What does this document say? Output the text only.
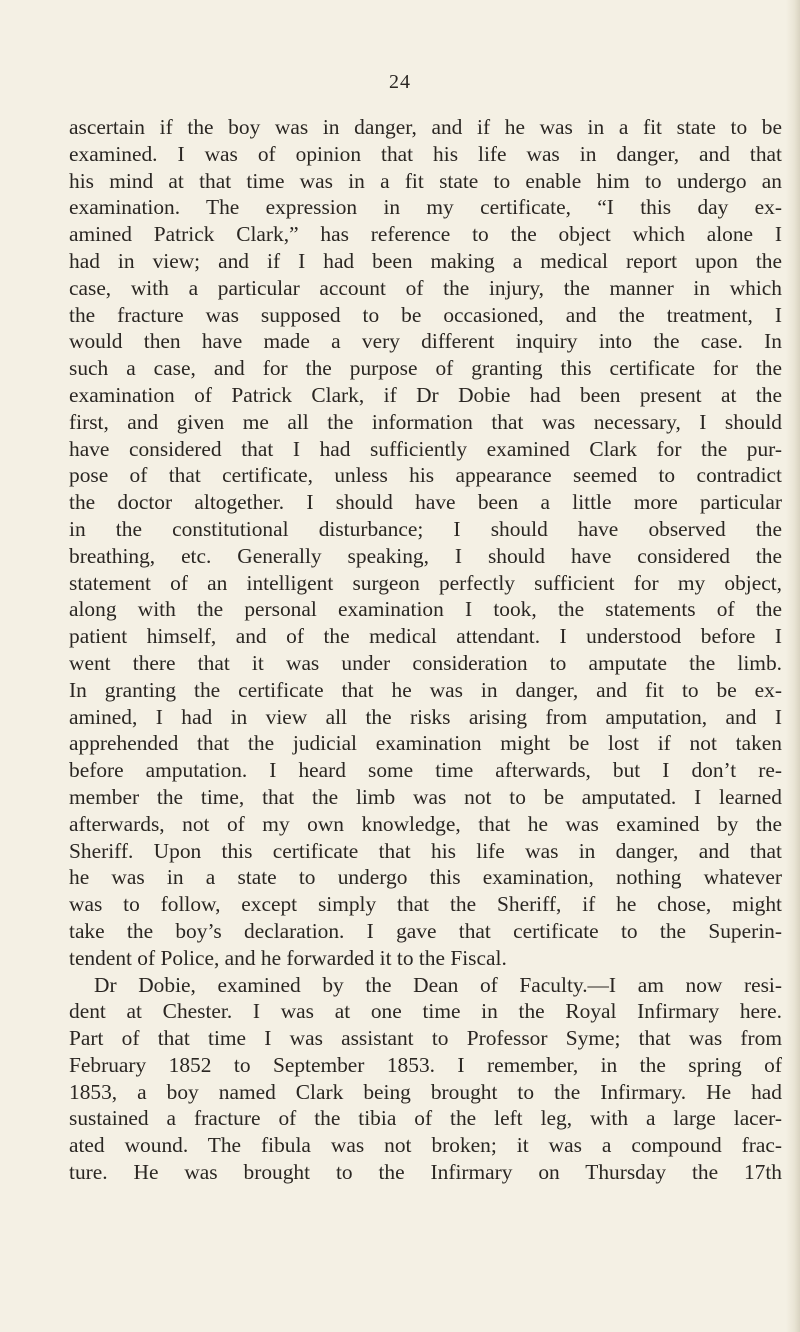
24
ascertain if the boy was in danger, and if he was in a fit state to be
examined. I was of opinion that his life was in danger, and that
his mind at that time was in a fit state to enable him to undergo an
examination. The expression in my certificate, “I this day ex-
amined Patrick Clark,” has reference to the object which alone I
had in view; and if I had been making a medical report upon the
case, with a particular account of the injury, the manner in which
the fracture was supposed to be occasioned, and the treatment, I
would then have made a very different inquiry into the case. In
such a case, and for the purpose of granting this certificate for the
examination of Patrick Clark, if Dr Dobie had been present at the
first, and given me all the information that was necessary, I should
have considered that I had sufficiently examined Clark for the pur-
pose of that certificate, unless his appearance seemed to contradict
the doctor altogether. I should have been a little more particular
in the constitutional disturbance; I should have observed the
breathing, etc. Generally speaking, I should have considered the
statement of an intelligent surgeon perfectly sufficient for my object,
along with the personal examination I took, the statements of the
patient himself, and of the medical attendant. I understood before I
went there that it was under consideration to amputate the limb.
In granting the certificate that he was in danger, and fit to be ex-
amined, I had in view all the risks arising from amputation, and I
apprehended that the judicial examination might be lost if not taken
before amputation. I heard some time afterwards, but I don’t re-
member the time, that the limb was not to be amputated. I learned
afterwards, not of my own knowledge, that he was examined by the
Sheriff. Upon this certificate that his life was in danger, and that
he was in a state to undergo this examination, nothing whatever
was to follow, except simply that the Sheriff, if he chose, might
take the boy’s declaration. I gave that certificate to the Superin-
tendent of Police, and he forwarded it to the Fiscal.
Dr Dobie, examined by the Dean of Faculty.—I am now resi-
dent at Chester. I was at one time in the Royal Infirmary here.
Part of that time I was assistant to Professor Syme; that was from
February 1852 to September 1853. I remember, in the spring of
1853, a boy named Clark being brought to the Infirmary. He had
sustained a fracture of the tibia of the left leg, with a large lacer-
ated wound. The fibula was not broken; it was a compound frac-
ture. He was brought to the Infirmary on Thursday the 17th
